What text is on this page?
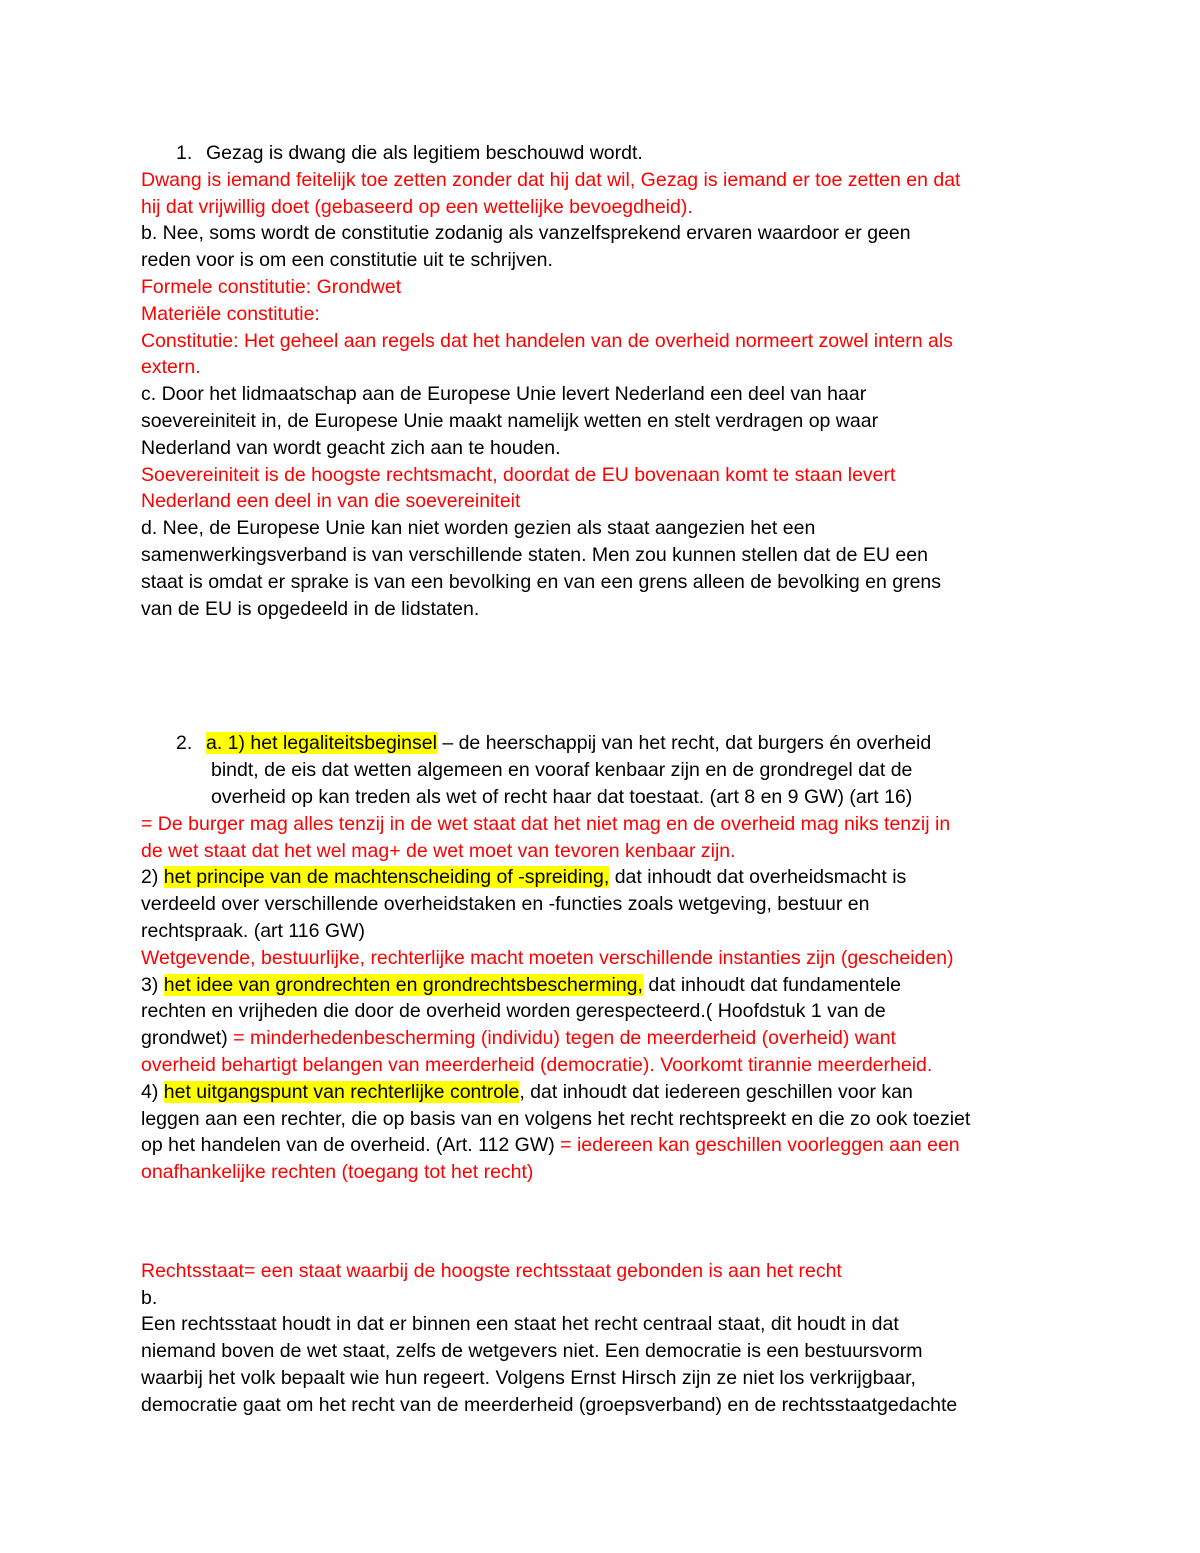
1. Gezag is dwang die als legitiem beschouwd wordt.
Dwang is iemand feitelijk toe zetten zonder dat hij dat wil, Gezag is iemand er toe zetten en dat
hij dat vrijwillig doet (gebaseerd op een wettelijke bevoegdheid).
b. Nee, soms wordt de constitutie zodanig als vanzelfsprekend ervaren waardoor er geen
reden voor is om een constitutie uit te schrijven.
Formele constitutie: Grondwet
Materiële constitutie:
Constitutie: Het geheel aan regels dat het handelen van de overheid normeert zowel intern als
extern.
c. Door het lidmaatschap aan de Europese Unie levert Nederland een deel van haar
soevereiniteit in, de Europese Unie maakt namelijk wetten en stelt verdragen op waar
Nederland van wordt geacht zich aan te houden.
Soevereiniteit is de hoogste rechtsmacht, doordat de EU bovenaan komt te staan levert
Nederland een deel in van die soevereiniteit
d. Nee, de Europese Unie kan niet worden gezien als staat aangezien het een
samenwerkingsverband is van verschillende staten. Men zou kunnen stellen dat de EU een
staat is omdat er sprake is van een bevolking en van een grens alleen de bevolking en grens
van de EU is opgedeeld in de lidstaten.
2. a. 1) het legaliteitsbeginsel – de heerschappij van het recht, dat burgers én overheid
bindt, de eis dat wetten algemeen en vooraf kenbaar zijn en de grondregel dat de
overheid op kan treden als wet of recht haar dat toestaat. (art 8 en 9 GW) (art 16)
= De burger mag alles tenzij in de wet staat dat het niet mag en de overheid mag niks tenzij in
de wet staat dat het wel mag+ de wet moet van tevoren kenbaar zijn.
2) het principe van de machtenscheiding of -spreiding, dat inhoudt dat overheidsmacht is
verdeeld over verschillende overheidstaken en -functies zoals wetgeving, bestuur en
rechtspraak. (art 116 GW)
Wetgevende, bestuurlijke, rechterlijke macht moeten verschillende instanties zijn (gescheiden)
3) het idee van grondrechten en grondrechtsbescherming, dat inhoudt dat fundamentele
rechten en vrijheden die door de overheid worden gerespecteerd.( Hoofdstuk 1 van de
grondwet) = minderhedenbescherming (individu) tegen de meerderheid (overheid) want
overheid behartigt belangen van meerderheid (democratie). Voorkomt tirannie meerderheid.
4) het uitgangspunt van rechterlijke controle, dat inhoudt dat iedereen geschillen voor kan
leggen aan een rechter, die op basis van en volgens het recht rechtspreekt en die zo ook toeziet
op het handelen van de overheid. (Art. 112 GW) = iedereen kan geschillen voorleggen aan een
onafhankelijke rechten (toegang tot het recht)
Rechtsstaat= een staat waarbij de hoogste rechtsstaat gebonden is aan het recht
b.
Een rechtsstaat houdt in dat er binnen een staat het recht centraal staat, dit houdt in dat
niemand boven de wet staat, zelfs de wetgevers niet. Een democratie is een bestuursvorm
waarbij het volk bepaalt wie hun regeert. Volgens Ernst Hirsch zijn ze niet los verkrijgbaar,
democratie gaat om het recht van de meerderheid (groepsverband) en de rechtsstaatgedachte
